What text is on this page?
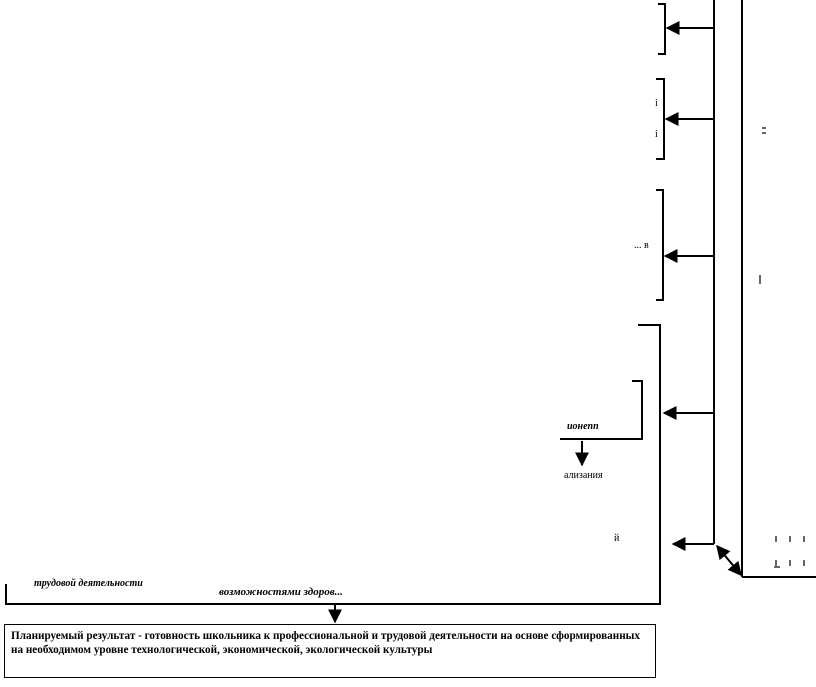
i
i
... в
ионепп
ализания
й
трудовой деятельности
возможностями здоров...
Планируемый результат - готовность школьника к профессиональной и трудовой деятельности на основе сформированных на необходимом уровне технологической, экономической, экологической культуры
